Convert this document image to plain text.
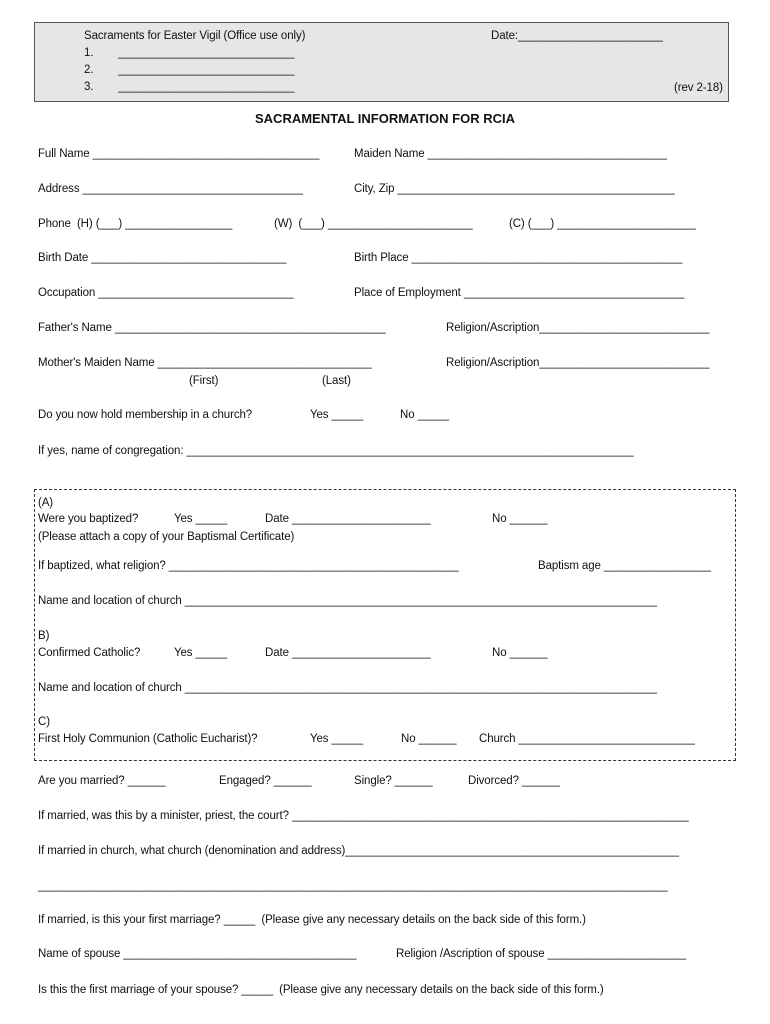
Sacraments for Easter Vigil (Office use only)	Date:_______________________
1.        ____________________________
2.        ____________________________
3.        ____________________________	(rev 2-18)
SACRAMENTAL INFORMATION FOR RCIA
Full Name ____________________________________	Maiden Name ______________________________________
Address ___________________________________	City, Zip ____________________________________________
Phone  (H) (___) _________________	(W)  (___) _______________________	(C) (___) ______________________
Birth Date _______________________________	Birth Place ___________________________________________
Occupation _______________________________	Place of Employment ___________________________________
Father's Name ___________________________________________	Religion/Ascription___________________________
Mother's Maiden Name __________________________________	Religion/Ascription___________________________
(First)	(Last)
Do you now hold membership in a church?	Yes _____	No _____
If yes, name of congregation: _______________________________________________________________________
(A)
Were you baptized?	Yes _____	Date ______________________	No ______
(Please attach a copy of your Baptismal Certificate)
If baptized, what religion? ______________________________________________	Baptism age _________________
Name and location of church ___________________________________________________________________________
B)
Confirmed Catholic?	Yes _____	Date ______________________	No ______
Name and location of church ___________________________________________________________________________
C)
First Holy Communion (Catholic Eucharist)?	Yes _____	No ______ Church ____________________________
Are you married? ______	Engaged? ______	Single? ______	Divorced? ______
If married, was this by a minister, priest, the court? _______________________________________________________________
If married in church, what church (denomination and address)_____________________________________________________
____________________________________________________________________________________________________
If married, is this your first marriage? _____  (Please give any necessary details on the back side of this form.)
Name of spouse _____________________________________	Religion /Ascription of spouse ______________________
Is this the first marriage of your spouse? _____  (Please give any necessary details on the back side of this form.)
